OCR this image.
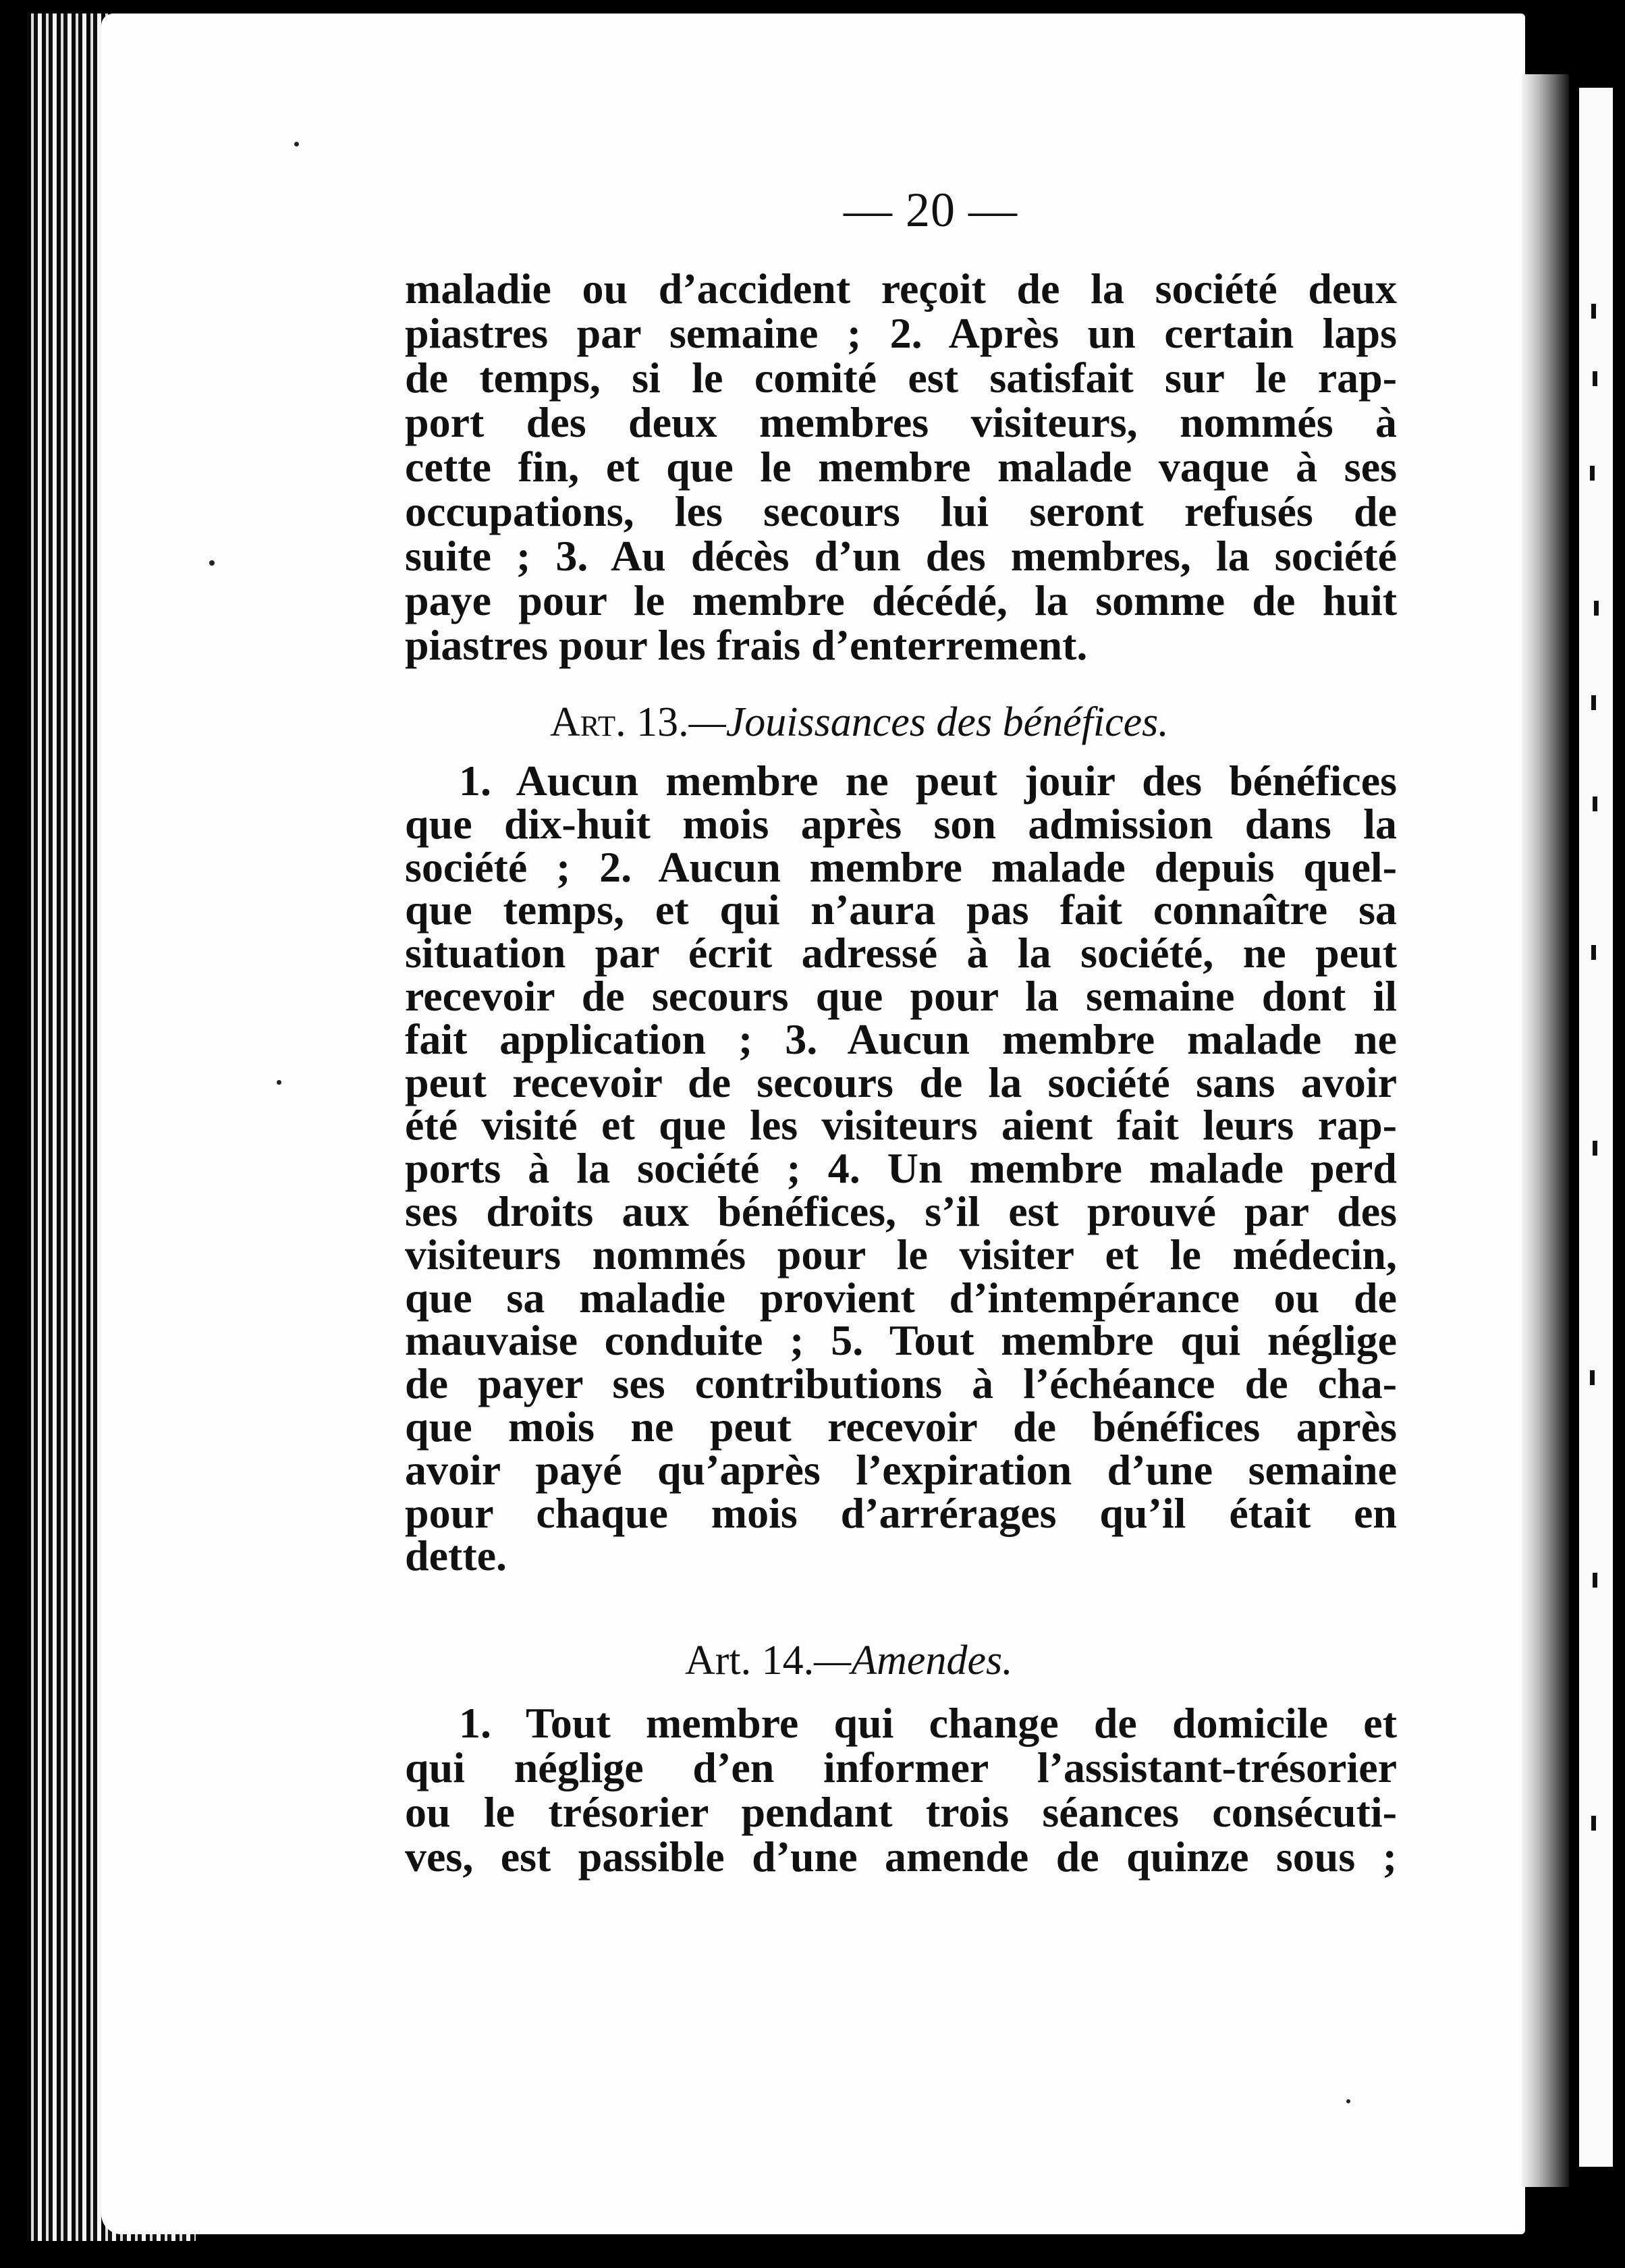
— 20 —
maladie ou d’accident reçoit de la société deux
piastres par semaine ; 2. Après un certain laps
de temps, si le comité est satisfait sur le rap-
port des deux membres visiteurs, nommés à
cette fin, et que le membre malade vaque à ses
occupations, les secours lui seront refusés de
suite ; 3. Au décès d’un des membres, la société
paye pour le membre décédé, la somme de huit
piastres pour les frais d’enterrement.
Art. 13.—Jouissances des bénéfices.
1. Aucun membre ne peut jouir des bénéfices
que dix-huit mois après son admission dans la
société ; 2. Aucun membre malade depuis quel-
que temps, et qui n’aura pas fait connaître sa
situation par écrit adressé à la société, ne peut
recevoir de secours que pour la semaine dont il
fait application ; 3. Aucun membre malade ne
peut recevoir de secours de la société sans avoir
été visité et que les visiteurs aient fait leurs rap-
ports à la société ; 4. Un membre malade perd
ses droits aux bénéfices, s’il est prouvé par des
visiteurs nommés pour le visiter et le médecin,
que sa maladie provient d’intempérance ou de
mauvaise conduite ; 5. Tout membre qui néglige
de payer ses contributions à l’échéance de cha-
que mois ne peut recevoir de bénéfices après
avoir payé qu’après l’expiration d’une semaine
pour chaque mois d’arrérages qu’il était en
dette.
Art. 14.—Amendes.
1. Tout membre qui change de domicile et
qui néglige d’en informer l’assistant-trésorier
ou le trésorier pendant trois séances consécuti-
ves, est passible d’une amende de quinze sous ;
